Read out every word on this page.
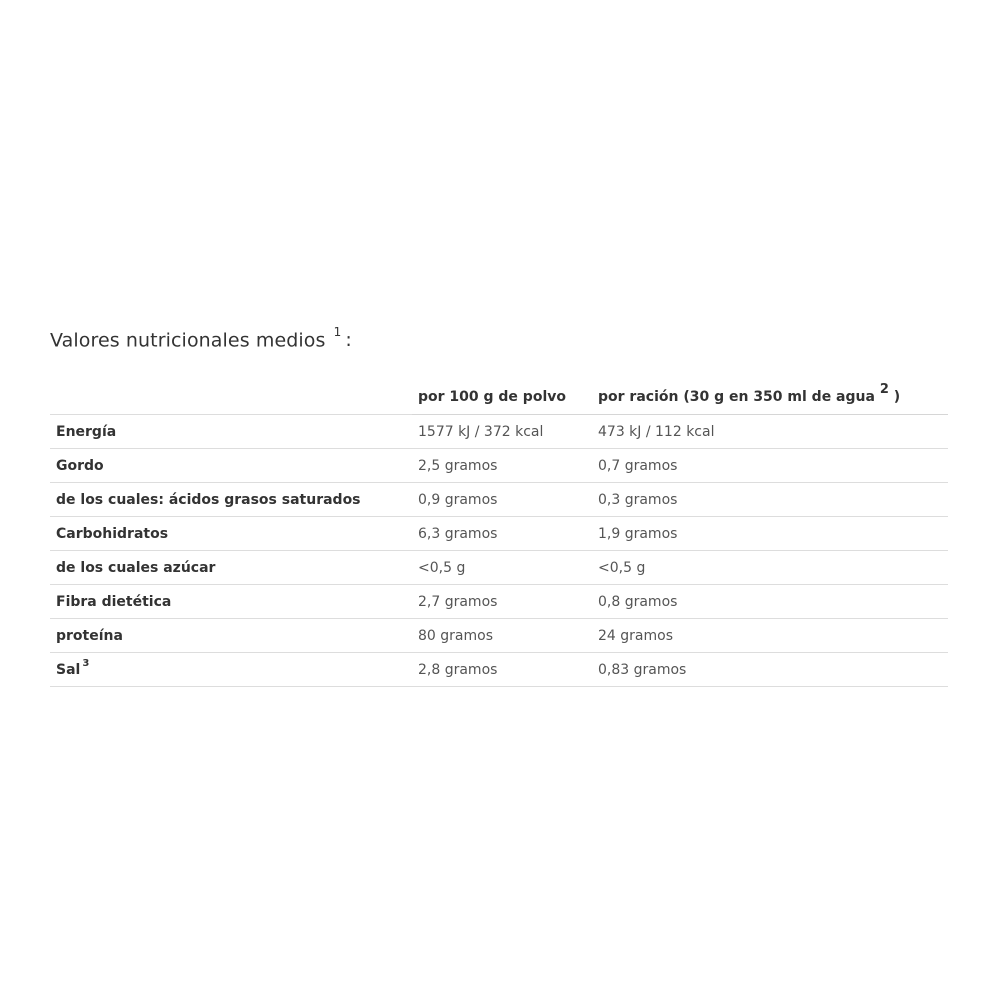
Valores nutricionales medios $^1$ :
	por 100 g de polvo	por ración (30 g en 350 ml de agua $^2$ )
Energía	1577 kJ / 372 kcal	473 kJ / 112 kcal
Gordo	2,5 gramos	0,7 gramos
de los cuales: ácidos grasos saturados	0,9 gramos	0,3 gramos
Carbohidratos	6,3 gramos	1,9 gramos
de los cuales azúcar	<0,5 g	<0,5 g
Fibra dietética	2,7 gramos	0,8 gramos
proteína	80 gramos	24 gramos
Sal $^3$	2,8 gramos	0,83 gramos
